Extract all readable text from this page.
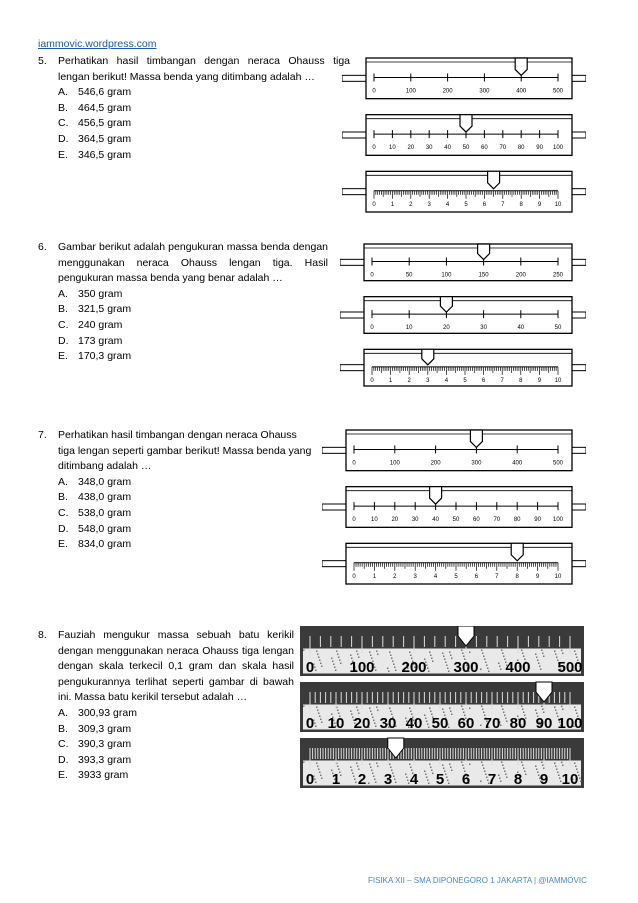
iammovic.wordpress.com
5.	Perhatikan hasil timbangan dengan neraca Ohauss tiga lengan berikut! Massa benda yang ditimbang adalah …
A. 546,6 gram
B. 464,5 gram
C. 456,5 gram
D. 364,5 gram
E. 346,5 gram
0	100	200	300	400	500
0 10 20 30 40 50 60 70 80 90 100
0	1	2	3	4	5	6	7	8	9 10
6.	Gambar berikut adalah pengukuran massa benda dengan menggunakan neraca Ohauss lengan tiga. Hasil pengukuran massa benda yang benar adalah …
A. 350 gram
B. 321,5 gram
C. 240 gram
D. 173 gram
E. 170,3 gram
0	50	100	150	200	250
0	10	20	30	40	50
0	1	2	3	4	5	6	7	8	9 10
7.	Perhatikan hasil timbangan dengan neraca Ohauss tiga lengan seperti gambar berikut! Massa benda yang ditimbang adalah …
A. 348,0 gram
B. 438,0 gram
C. 538,0 gram
D. 548,0 gram
E. 834,0 gram
0	100	200	300	400	500
0	10 20 30 40 50 60 70 80 90 100
0	1	2	3	4	5	6	7	8	9	10
8.	Fauziah mengukur massa sebuah batu kerikil dengan menggunakan neraca Ohauss tiga lengan dengan skala terkecil 0,1 gram dan skala hasil pengukurannya terlihat seperti gambar di bawah ini. Massa batu kerikil tersebut adalah …
A. 300,93 gram
B. 309,3 gram
C. 390,3 gram
D. 393,3 gram
E. 3933 gram
0 100 200 300 400 500
0 10 20 30 40 50 60 70 80 90 100
0 1 2 3 4 5 6 7 8 9 10
FISIKA XII – SMA DIPONEGORO 1 JAKARTA | @IAMMOVIC
